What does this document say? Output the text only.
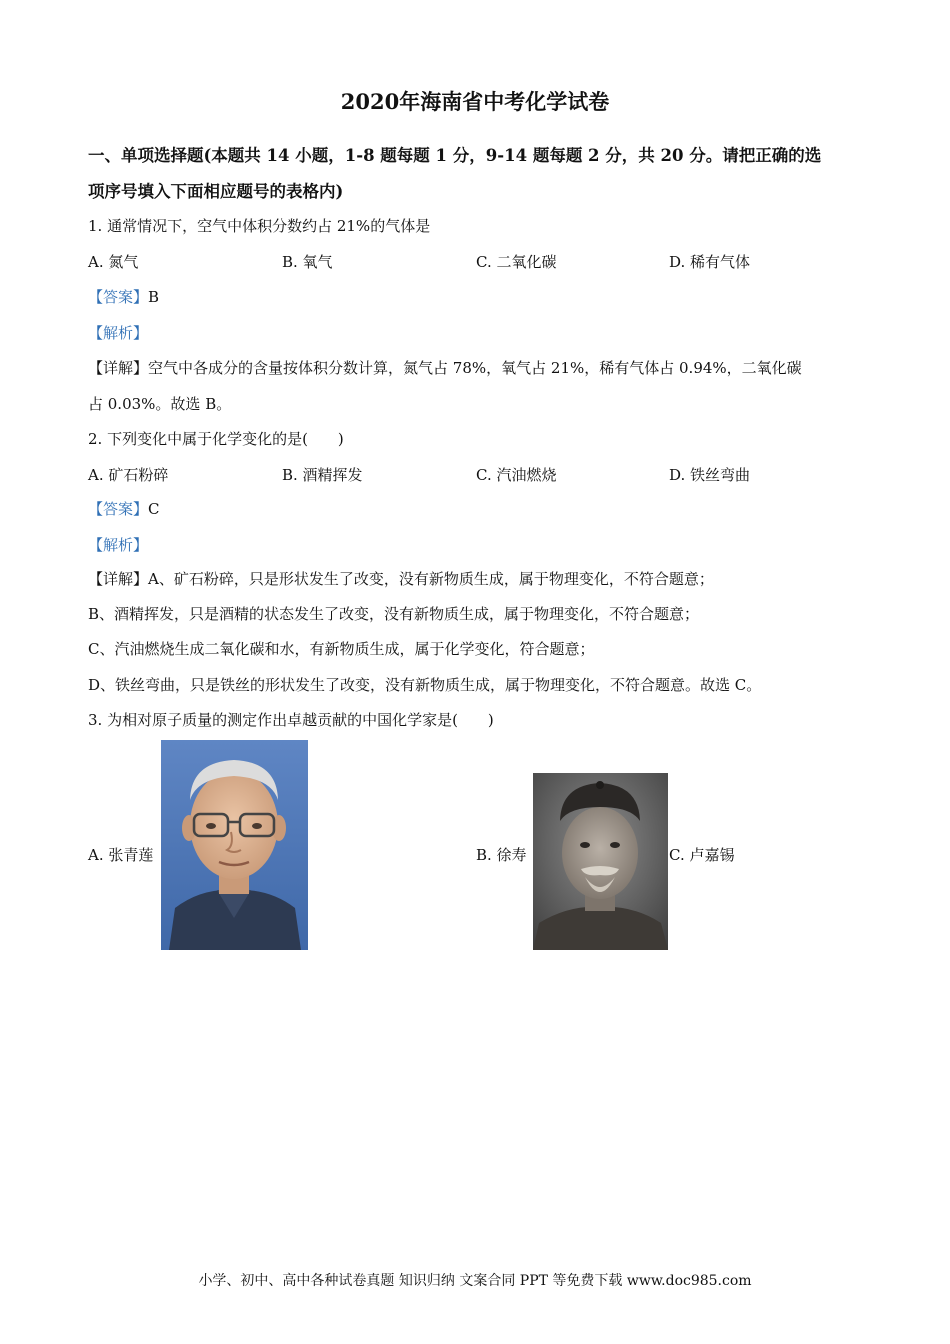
2020年海南省中考化学试卷
一、单项选择题(本题共 14 小题，1-8 题每题 1 分，9-14 题每题 2 分，共 20 分。请把正确的选
项序号填入下面相应题号的表格内)
1. 通常情况下，空气中体积分数约占 21%的气体是
A. 氮气	B. 氧气	C. 二氧化碳	D. 稀有气体
【答案】B
【解析】
【详解】空气中各成分的含量按体积分数计算，氮气占 78%，氧气占 21%，稀有气体占 0.94%，二氧化碳
占 0.03%。故选 B。
2. 下列变化中属于化学变化的是(　　)
A. 矿石粉碎	B. 酒精挥发	C. 汽油燃烧	D. 铁丝弯曲
【答案】C
【解析】
【详解】A、矿石粉碎，只是形状发生了改变，没有新物质生成，属于物理变化，不符合题意；
B、酒精挥发，只是酒精的状态发生了改变，没有新物质生成，属于物理变化，不符合题意；
C、汽油燃烧生成二氧化碳和水，有新物质生成，属于化学变化，符合题意；
D、铁丝弯曲，只是铁丝的形状发生了改变，没有新物质生成，属于物理变化，不符合题意。故选 C。
3. 为相对原子质量的测定作出卓越贡献的中国化学家是(　　)
A. 张青莲	B. 徐寿	C. 卢嘉锡
小学、初中、高中各种试卷真题 知识归纳 文案合同 PPT 等免费下载 www.doc985.com
